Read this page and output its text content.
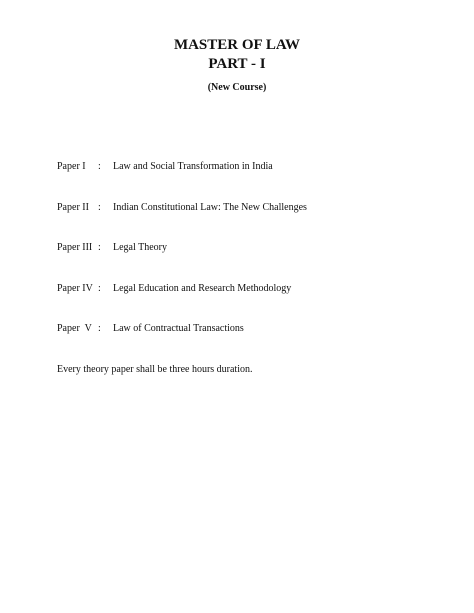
MASTER OF LAW
PART - I
(New Course)
Paper I : Law and Social Transformation in India
Paper II : Indian Constitutional Law: The New Challenges
Paper III : Legal Theory
Paper IV : Legal Education and Research Methodology
Paper  V : Law of Contractual Transactions
Every theory paper shall be three hours duration.
